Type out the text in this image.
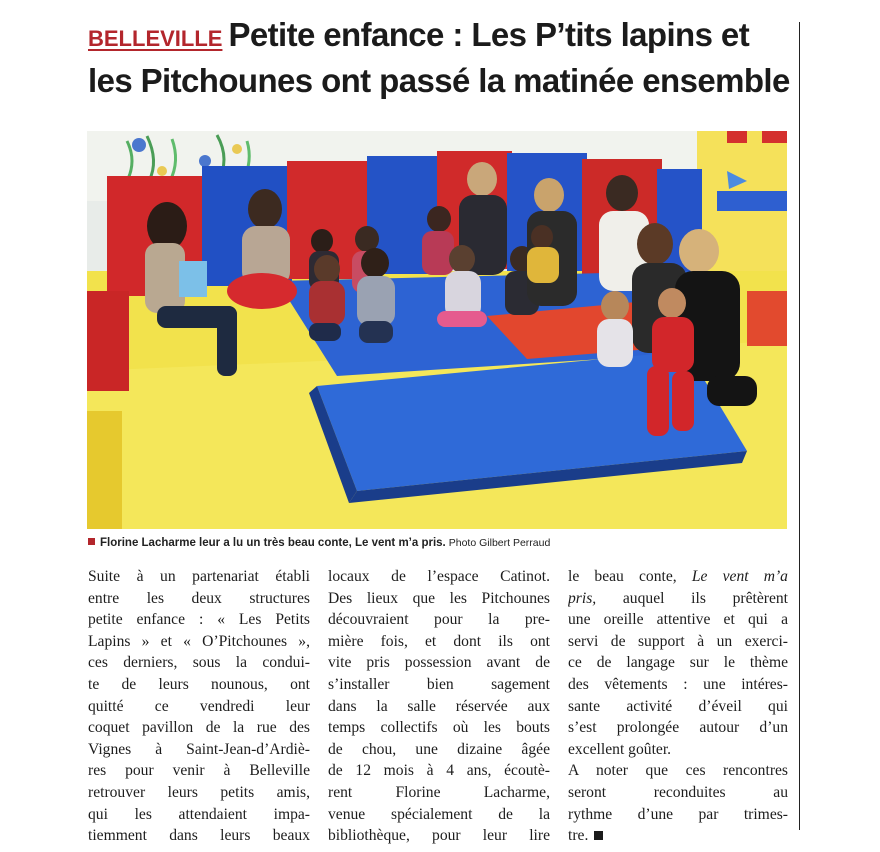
BELLEVILLE Petite enfance : Les P’tits lapins et les Pitchounes ont passé la matinée ensemble
Florine Lacharme leur a lu un très beau conte, Le vent m’a pris. Photo Gilbert Perraud
Suite à un partenariat établi
entre les deux structures
petite enfance : « Les Petits
Lapins » et « O’Pitchounes »,
ces derniers, sous la condui-
te de leurs nounous, ont
quitté ce vendredi leur
coquet pavillon de la rue des
Vignes à Saint-Jean-d’Ardiè-
res pour venir à Belleville
retrouver leurs petits amis,
qui les attendaient impa-
tiemment dans leurs beaux
locaux de l’espace Catinot.
Des lieux que les Pitchounes
découvraient pour la pre-
mière fois, et dont ils ont
vite pris possession avant de
s’installer bien sagement
dans la salle réservée aux
temps collectifs où les bouts
de chou, une dizaine âgée
de 12 mois à 4 ans, écoutè-
rent Florine Lacharme,
venue spécialement de la
bibliothèque, pour leur lire
le beau conte, Le vent m’a
pris, auquel ils prêtèrent
une oreille attentive et qui a
servi de support à un exerci-
ce de langage sur le thème
des vêtements : une intéres-
sante activité d’éveil qui
s’est prolongée autour d’un
excellent goûter.
A noter que ces rencontres
seront reconduites au
rythme d’une par trimes-
tre.
